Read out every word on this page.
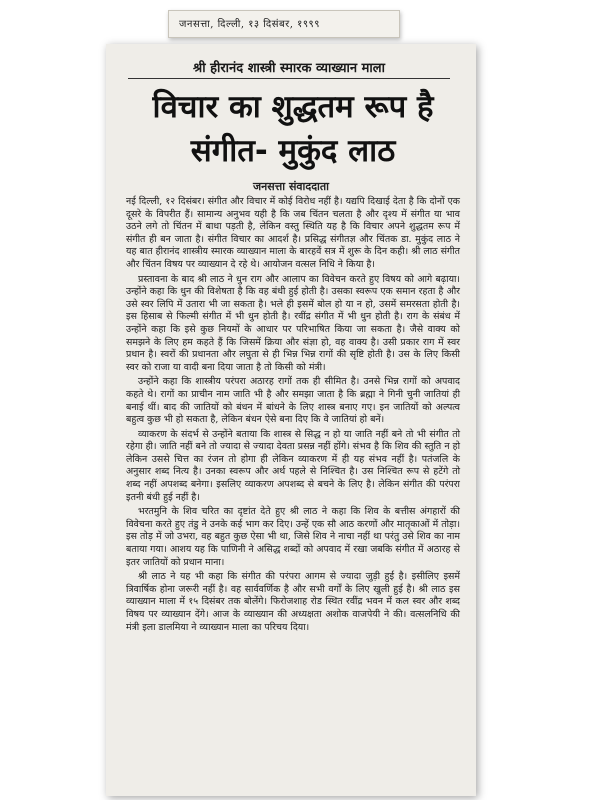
जनसत्ता, दिल्ली, १३ दिसंबर, १९९९
श्री हीरानंद शास्त्री स्मारक व्याख्यान माला
विचार का शुद्धतम रूप है
संगीत- मुकुंद लाठ
जनसत्ता संवाददाता

नई दिल्ली, १२ दिसंबर। संगीत और विचार में कोई विरोध नहीं है। यद्यपि दिखाई देता है कि दोनों एक दूसरे के विपरीत हैं। सामान्य अनुभव यही है कि जब चिंतन चलता है और दृश्य में संगीत या भाव उठने लगे तो चिंतन में बाधा पड़ती है, लेकिन वस्तु स्थिति यह है कि विचार अपने शुद्धतम रूप में संगीत ही बन जाता है। संगीत विचार का आदर्श है। प्रसिद्ध संगीतज्ञ और चिंतक डा. मुकुंद लाठ ने यह बात हीरानंद शास्त्रीय स्मारक व्याख्यान माला के बारहवें सत्र में शुरू के दिन कही। श्री लाठ संगीत और चिंतन विषय पर व्याख्यान दे रहे थे। आयोजन वत्सल निधि ने किया है।

प्रस्तावना के बाद श्री लाठ ने धुन राग और आलाप का विवेचन करते हुए विषय को आगे बढ़ाया। उन्होंने कहा कि धुन की विशेषता है कि वह बंधी हुई होती है। उसका स्वरूप एक समान रहता है और उसे स्वर लिपि में उतारा भी जा सकता है। भले ही इसमें बोल हो या न हो, उसमें समरसता होती है। इस हिसाब से फिल्मी संगीत में भी धुन होती है। रवींद्र संगीत में भी धुन होती है। राग के संबंध में उन्होंने कहा कि इसे कुछ नियमों के आधार पर परिभाषित किया जा सकता है। जैसे वाक्य को समझने के लिए हम कहते हैं कि जिसमें क्रिया और संज्ञा हो, वह वाक्य है। उसी प्रकार राग में स्वर प्रधान है। स्वरों की प्रधानता और लघुता से ही भिन्न भिन्न रागों की सृष्टि होती है। उस के लिए किसी स्वर को राजा या वादी बना दिया जाता है तो किसी को मंत्री।

उन्होंने कहा कि शास्त्रीय परंपरा अठारह रागों तक ही सीमित है। उनसे भिन्न रागों को अपवाद कहते थे। रागों का प्राचीन नाम जाति भी है और समझा जाता है कि ब्रह्मा ने गिनी चुनी जातियां ही बनाई थीं। बाद की जातियों को बंधन में बांधने के लिए शास्त्र बनाए गए। इन जातियों को अल्पत्व बहुत्व कुछ भी हो सकता है, लेकिन बंधन ऐसे बना दिए कि वे जातियां हो बनें।

व्याकरण के संदर्भ से उन्होंने बताया कि शास्त्र से सिद्ध न हो या जाति नहीं बने तो भी संगीत तो रहेगा ही। जाति नहीं बने तो ज्यादा से ज्यादा देवता प्रसन्न नहीं होंगे। संभव है कि शिव की स्तुति न हो लेकिन उससे चित्त का रंजन तो होगा ही लेकिन व्याकरण में ही यह संभव नहीं है। पतंजलि के अनुसार शब्द नित्य है। उनका स्वरूप और अर्थ पहले से निश्चित है। उस निश्चित रूप से हटेंगे तो शब्द नहीं अपशब्द बनेगा। इसलिए व्याकरण अपशब्द से बचने के लिए है। लेकिन संगीत की परंपरा इतनी बंधी हुई नहीं है।

भरतमुनि के शिव चरित का दृष्टांत देते हुए श्री लाठ ने कहा कि शिव के बत्तीस अंगहारों की विवेचना करते हुए तंडु ने उनके कई भाग कर दिए। उन्हें एक सौ आठ करणों और मातृकाओं में तोड़ा। इस तोड़ में जो उभरा, वह बहुत कुछ ऐसा भी था, जिसे शिव ने नाचा नहीं था परंतु उसे शिव का नाम बताया गया। आशय यह कि पाणिनी ने असिद्ध शब्दों को अपवाद में रखा जबकि संगीत में अठारह से इतर जातियों को प्रधान माना।

श्री लाठ ने यह भी कहा कि संगीत की परंपरा आगम से ज्यादा जुड़ी हुई है। इसीलिए इसमें त्रिवार्षिक होना जरूरी नहीं है। वह सार्ववर्णिक है और सभी वर्गों के लिए खुली हुई है। श्री लाठ इस व्याख्यान माला में १५ दिसंबर तक बोलेंगे। फिरोजशाह रोड स्थित रवींद्र भवन में कल स्वर और शब्द विषय पर व्याख्यान देंगे। आज के व्याख्यान की अध्यक्षता अशोक वाजपेयी ने की। वत्सलनिधि की मंत्री इला डालमिया ने व्याख्यान माला का परिचय दिया।
